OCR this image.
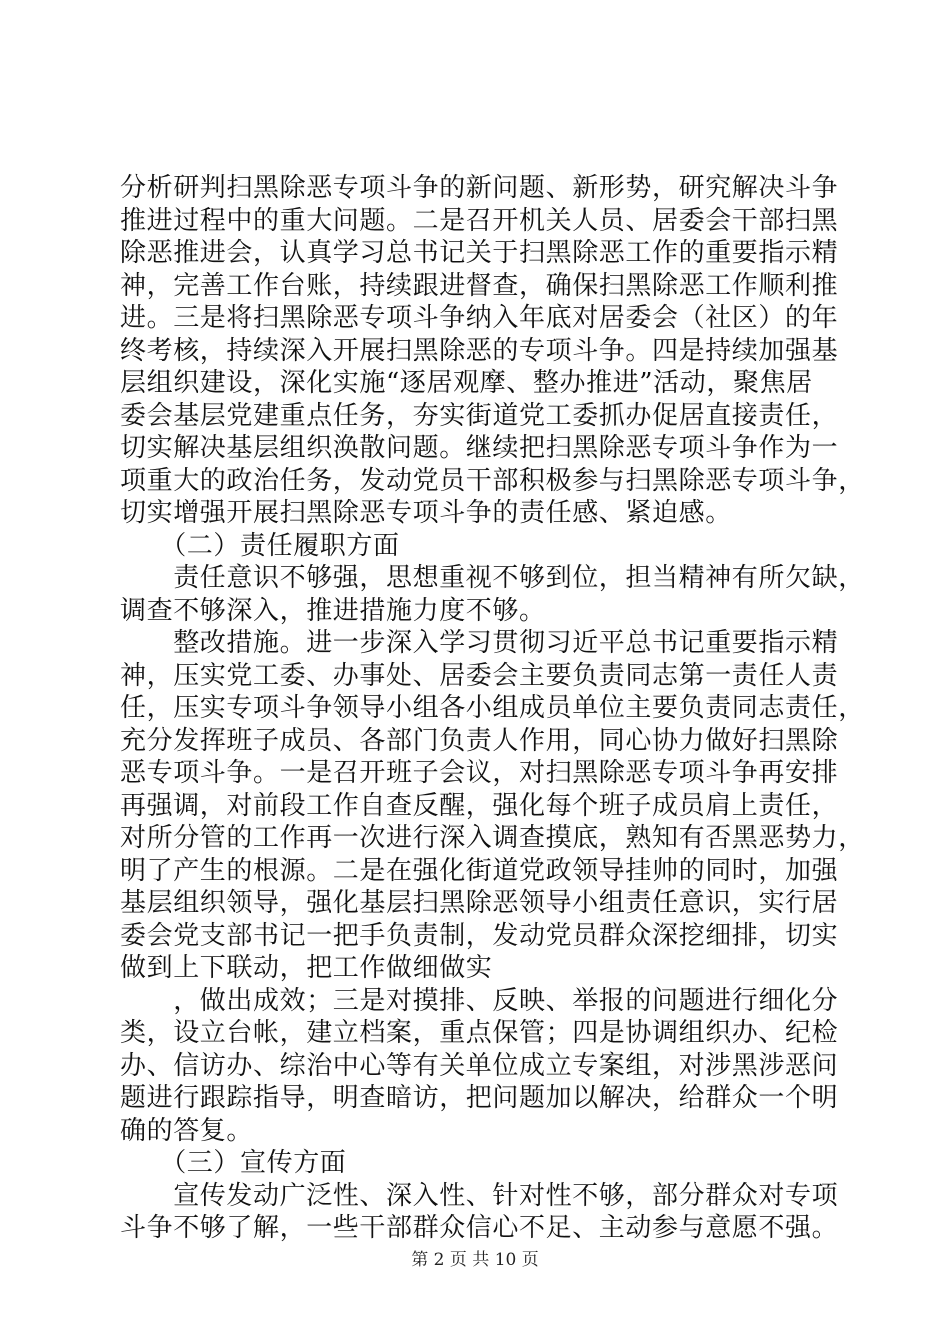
分析研判扫黑除恶专项斗争的新问题、新形势，研究解决斗争
推进过程中的重大问题。二是召开机关人员、居委会干部扫黑
除恶推进会，认真学习总书记关于扫黑除恶工作的重要指示精
神，完善工作台账，持续跟进督查，确保扫黑除恶工作顺利推
进。三是将扫黑除恶专项斗争纳入年底对居委会（社区）的年
终考核，持续深入开展扫黑除恶的专项斗争。四是持续加强基
层组织建设，深化实施“逐居观摩、整办推进”活动，聚焦居
委会基层党建重点任务，夯实街道党工委抓办促居直接责任，
切实解决基层组织涣散问题。继续把扫黑除恶专项斗争作为一
项重大的政治任务，发动党员干部积极参与扫黑除恶专项斗争，
切实增强开展扫黑除恶专项斗争的责任感、紧迫感。
　　（二）责任履职方面
　　责任意识不够强，思想重视不够到位，担当精神有所欠缺，
调查不够深入，推进措施力度不够。
　　整改措施。进一步深入学习贯彻习近平总书记重要指示精
神，压实党工委、办事处、居委会主要负责同志第一责任人责
任，压实专项斗争领导小组各小组成员单位主要负责同志责任，
充分发挥班子成员、各部门负责人作用，同心协力做好扫黑除
恶专项斗争。一是召开班子会议，对扫黑除恶专项斗争再安排
再强调，对前段工作自查反醒，强化每个班子成员肩上责任，
对所分管的工作再一次进行深入调查摸底，熟知有否黑恶势力，
明了产生的根源。二是在强化街道党政领导挂帅的同时，加强
基层组织领导，强化基层扫黑除恶领导小组责任意识，实行居
委会党支部书记一把手负责制，发动党员群众深挖细排，切实
做到上下联动，把工作做细做实
　　，做出成效；三是对摸排、反映、举报的问题进行细化分
类，设立台帐，建立档案，重点保管；四是协调组织办、纪检
办、信访办、综治中心等有关单位成立专案组，对涉黑涉恶问
题进行跟踪指导，明查暗访，把问题加以解决，给群众一个明
确的答复。
　　（三）宣传方面
　　宣传发动广泛性、深入性、针对性不够，部分群众对专项
斗争不够了解，一些干部群众信心不足、主动参与意愿不强。
第 2 页 共 10 页
